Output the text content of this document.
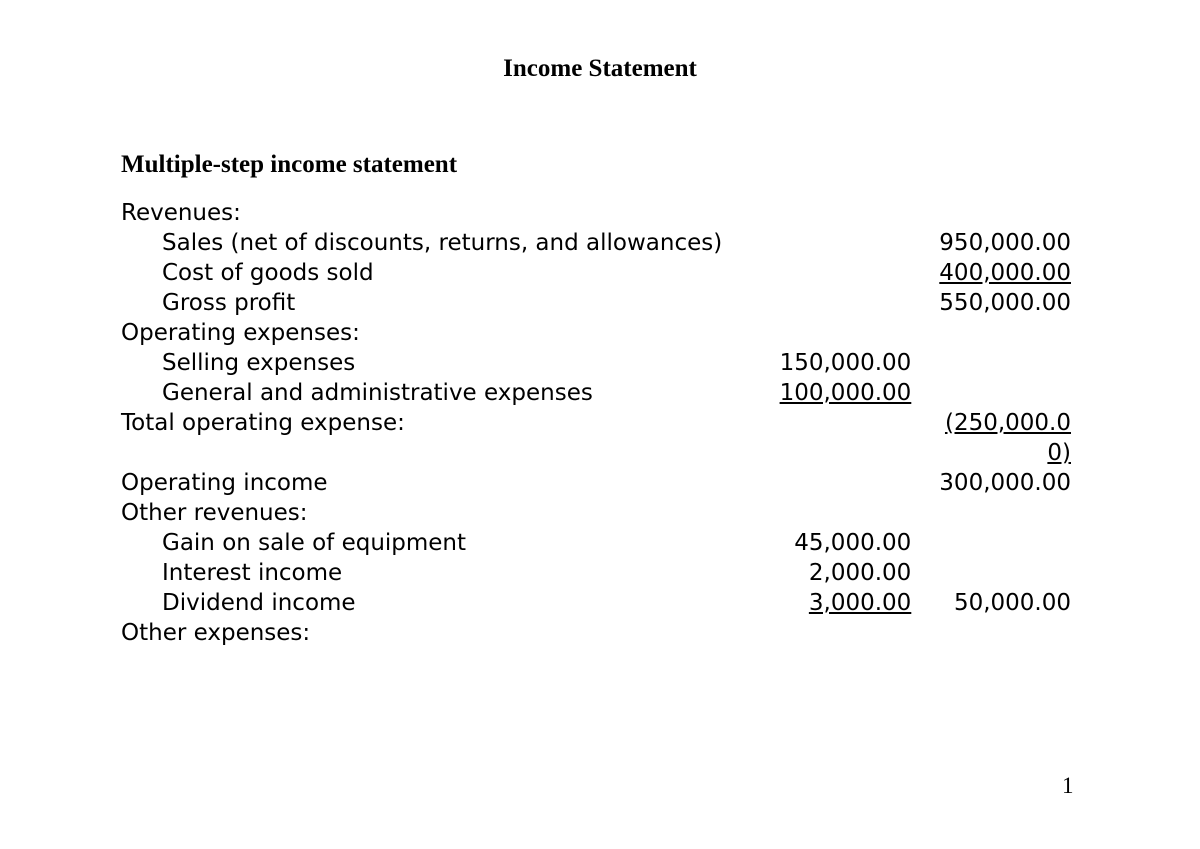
Income Statement
Multiple-step income statement
Revenues:			
Sales (net of discounts, returns, and allowances)			950,000.00
Cost of goods sold			400,000.00
Gross profit			550,000.00
Operating expenses:			
Selling expenses	150,000.00		
General and administrative expenses	100,000.00		
Total operating expense:			(250,000.00)
Operating income			300,000.00
Other revenues:			
Gain on sale of equipment	45,000.00		
Interest income	2,000.00		
Dividend income	3,000.00		50,000.00
Other expenses:			
1
